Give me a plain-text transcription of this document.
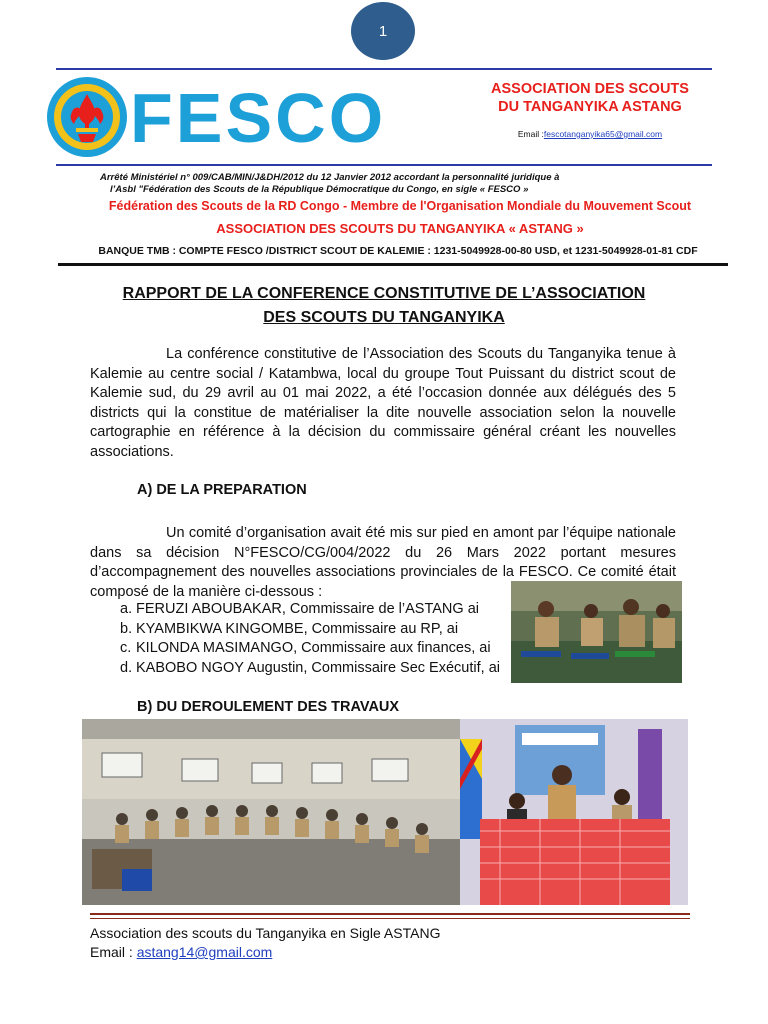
1
FESCO	ASSOCIATION DES SCOUTS
DU TANGANYIKA ASTANG
Email :fescotanganyika65@gmail.com
Arrêté Ministériel n° 009/CAB/MIN/J&DH/2012 du 12 Janvier 2012 accordant la personnalité juridique à
l’Asbl "Fédération des Scouts de la République Démocratique du Congo, en sigle « FESCO »
Fédération des Scouts de la RD Congo - Membre de l'Organisation Mondiale du Mouvement Scout
ASSOCIATION DES SCOUTS DU TANGANYIKA « ASTANG »
BANQUE TMB : COMPTE FESCO /DISTRICT SCOUT DE KALEMIE : 1231-5049928-00-80 USD, et 1231-5049928-01-81 CDF
RAPPORT DE LA CONFERENCE CONSTITUTIVE DE L’ASSOCIATION
DES SCOUTS DU TANGANYIKA
La conférence constitutive de l’Association des Scouts du Tanganyika tenue à Kalemie au centre social / Katambwa, local du groupe Tout Puissant du district scout de Kalemie sud, du 29 avril au 01 mai 2022, a été l’occasion donnée aux délégués des 5 districts qui la constitue de matérialiser la dite nouvelle association selon la nouvelle cartographie en référence à la décision du commissaire général créant les nouvelles associations.
A) DE LA PREPARATION
Un comité d’organisation avait été mis sur pied en amont par l’équipe nationale dans sa décision N°FESCO/CG/004/2022 du 26 Mars 2022 portant mesures d’accompagnement des nouvelles associations provinciales de la FESCO. Ce comité était composé de la manière ci-dessous :
a. FERUZI ABOUBAKAR, Commissaire de l’ASTANG ai
b. KYAMBIKWA KINGOMBE, Commissaire au RP, ai
c. KILONDA MASIMANGO, Commissaire aux finances, ai
d. KABOBO NGOY Augustin, Commissaire Sec Exécutif, ai
B) DU DEROULEMENT DES TRAVAUX
Association des scouts du Tanganyika en Sigle ASTANG
Email : astang14@gmail.com
